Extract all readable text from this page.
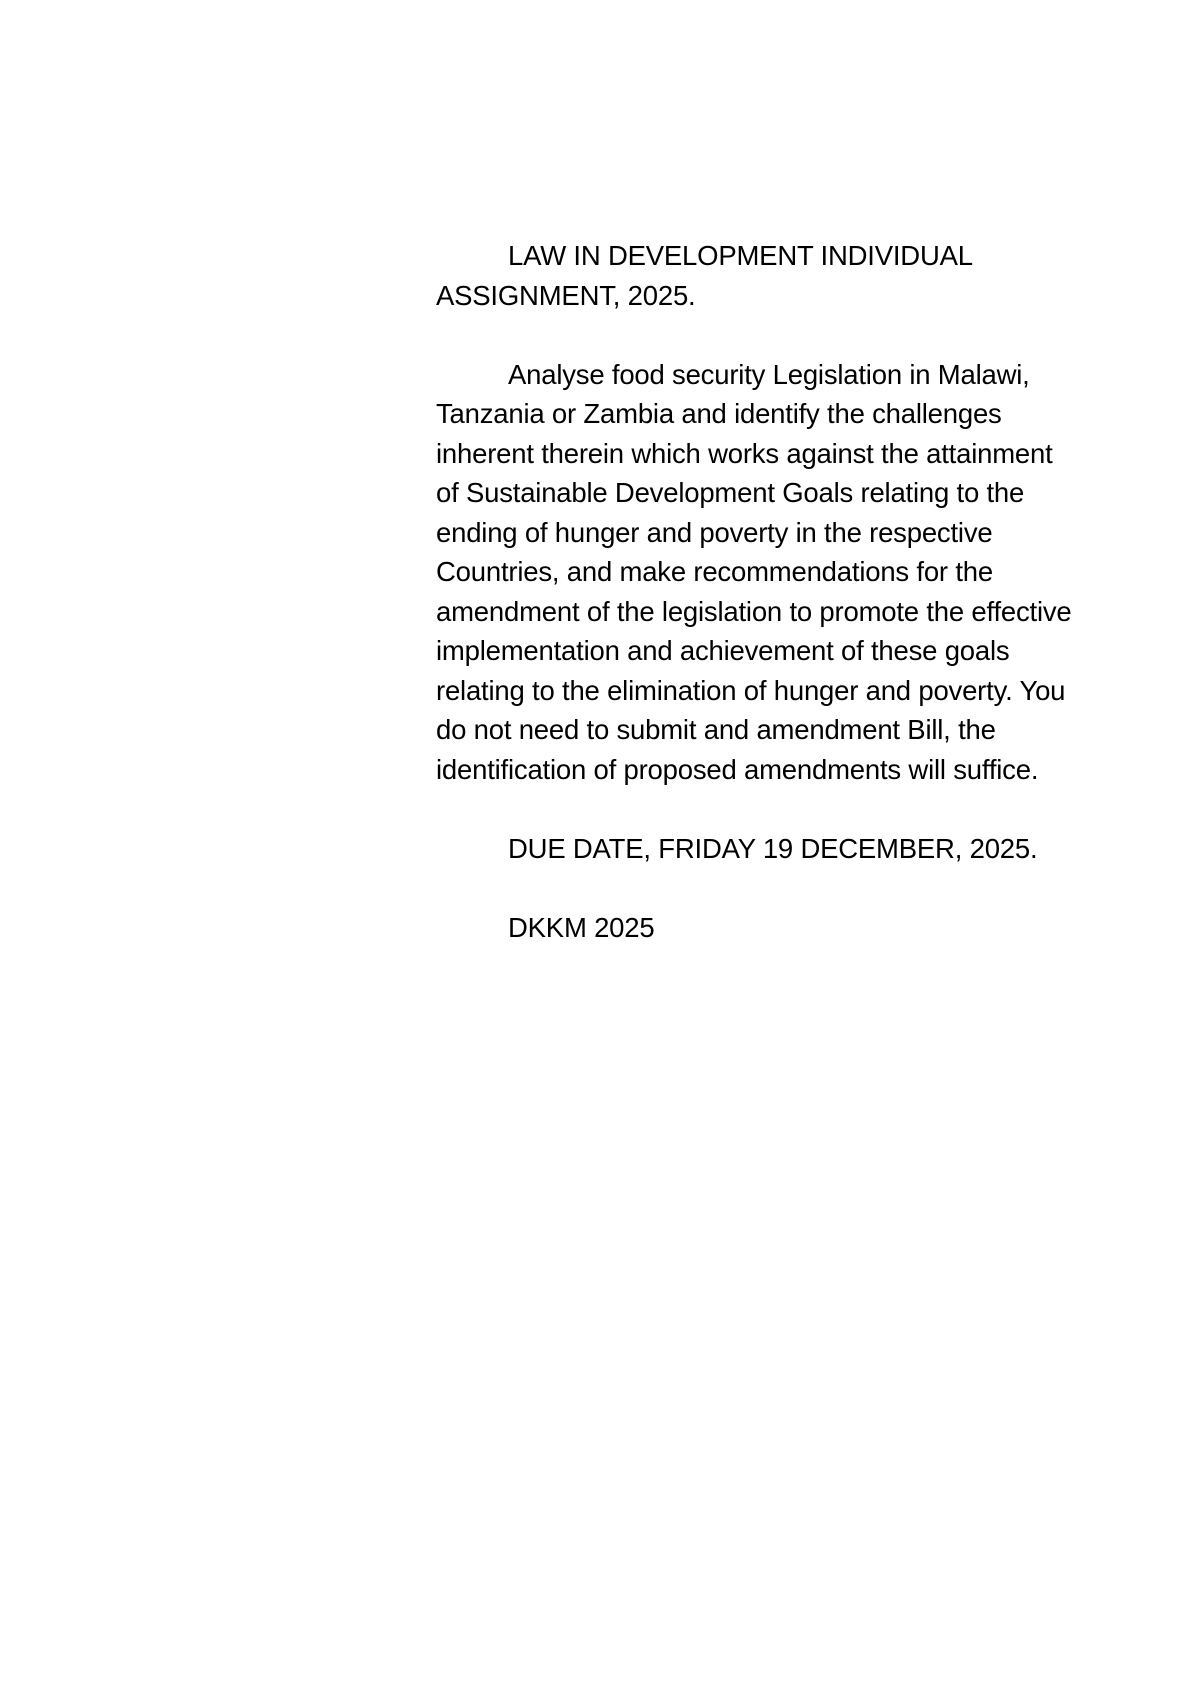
LAW IN DEVELOPMENT INDIVIDUAL ASSIGNMENT, 2025.

Analyse food security Legislation in Malawi, Tanzania or Zambia and identify the challenges inherent therein which works against the attainment of Sustainable Development Goals relating to the ending of hunger and poverty in the respective Countries, and make recommendations for the amendment of the legislation to promote the effective implementation and achievement of these goals relating to the elimination of hunger and poverty. You do not need to submit and amendment Bill, the identification of proposed amendments will suffice.

DUE DATE, FRIDAY 19 DECEMBER, 2025.

DKKM 2025
